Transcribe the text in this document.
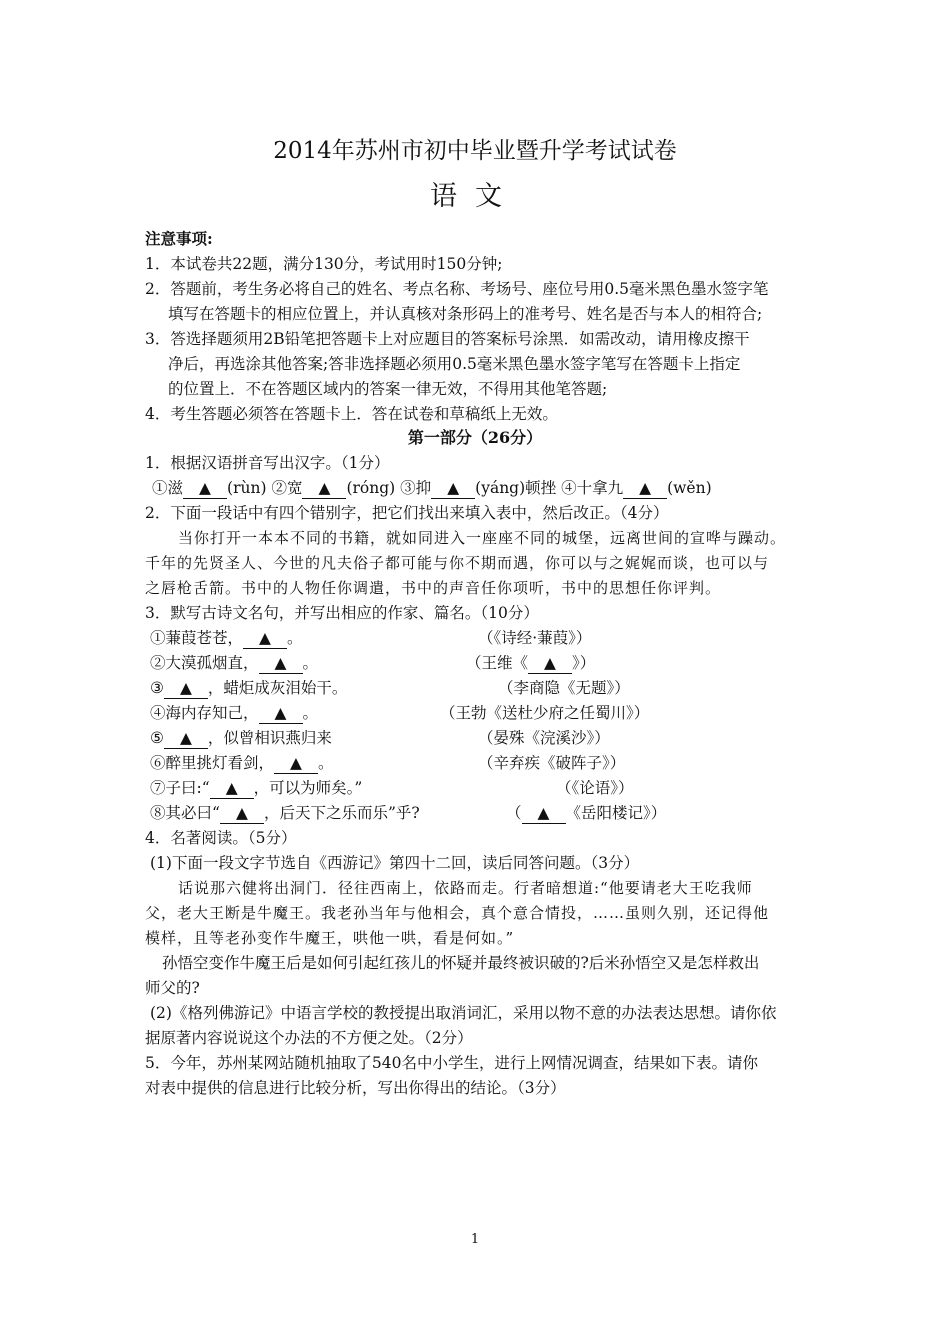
2014年苏州市初中毕业暨升学考试试卷
语文
注意事项:
1．本试卷共22题，满分130分，考试用时150分钟;
2．答题前，考生务必将自己的姓名、考点名称、考场号、座位号用0.5毫米黑色墨水签字笔
填写在答题卡的相应位置上，并认真核对条形码上的准考号、姓名是否与本人的相符合;
3．答选择题须用2B铅笔把答题卡上对应题目的答案标号涂黑．如需改动，请用橡皮擦干
净后，再选涂其他答案;答非选择题必须用0.5毫米黑色墨水签字笔写在答题卡上指定
的位置上．不在答题区域内的答案一律无效，不得用其他笔答题;
4．考生答题必须答在答题卡上．答在试卷和草稿纸上无效。
第一部分（26分）
1．根据汉语拼音写出汉字。（1分）
①滋 ▲ (rùn) ②宽 ▲ (róng) ③抑 ▲ (yáng)顿挫 ④十拿九 ▲ (wěn)
2．下面一段话中有四个错别字，把它们找出来填入表中，然后改正。（4分）
当你打开一本本不同的书籍，就如同进入一座座不同的城堡，远离世间的宣哗与躁动。
千年的先贤圣人、今世的凡夫俗子都可能与你不期而遇，你可以与之娓娓而谈，也可以与
之唇枪舌箭。书中的人物任你调遣，书中的声音任你项听，书中的思想任你评判。
3．默写古诗文名句，并写出相应的作家、篇名。（10分）
①蒹葭苍苍， ▲ 。	（《诗经·蒹葭》）
②大漠孤烟直， ▲ 。	（王维《 ▲ 》）
③ ▲ ，蜡炬成灰泪始干。	（李商隐《无题》）
④海内存知己， ▲ 。	（王勃《送杜少府之任蜀川》）
⑤ ▲ ，似曾相识燕归来	（晏殊《浣溪沙》）
⑥醉里挑灯看剑， ▲ 。	（辛弃疾《破阵子》）
⑦子曰:“ ▲ ，可以为师矣。”	（《论语》）
⑧其必曰“ ▲ ，后天下之乐而乐”乎?	（ ▲ 《岳阳楼记》）
4．名著阅读。（5分）
(1)下面一段文字节选自《西游记》第四十二回，读后同答问题。（3分）
话说那六健将出洞门．径往西南上，依路而走。行者暗想道:“他要请老大王吃我师
父，老大王断是牛魔王。我老孙当年与他相会，真个意合情投，……虽则久别，还记得他
模样，且等老孙变作牛魔王，哄他一哄，看是何如。”
孙悟空变作牛魔王后是如何引起红孩儿的怀疑并最终被识破的?后米孙悟空又是怎样救出
师父的?
(2)《格列佛游记》中语言学校的教授提出取消词汇，采用以物不意的办法表达思想。请你依
据原著内容说说这个办法的不方便之处。（2分）
5．今年，苏州某网站随机抽取了540名中小学生，进行上网情况调查，结果如下表。请你
对表中提供的信息进行比较分析，写出你得出的结论。（3分）
1
